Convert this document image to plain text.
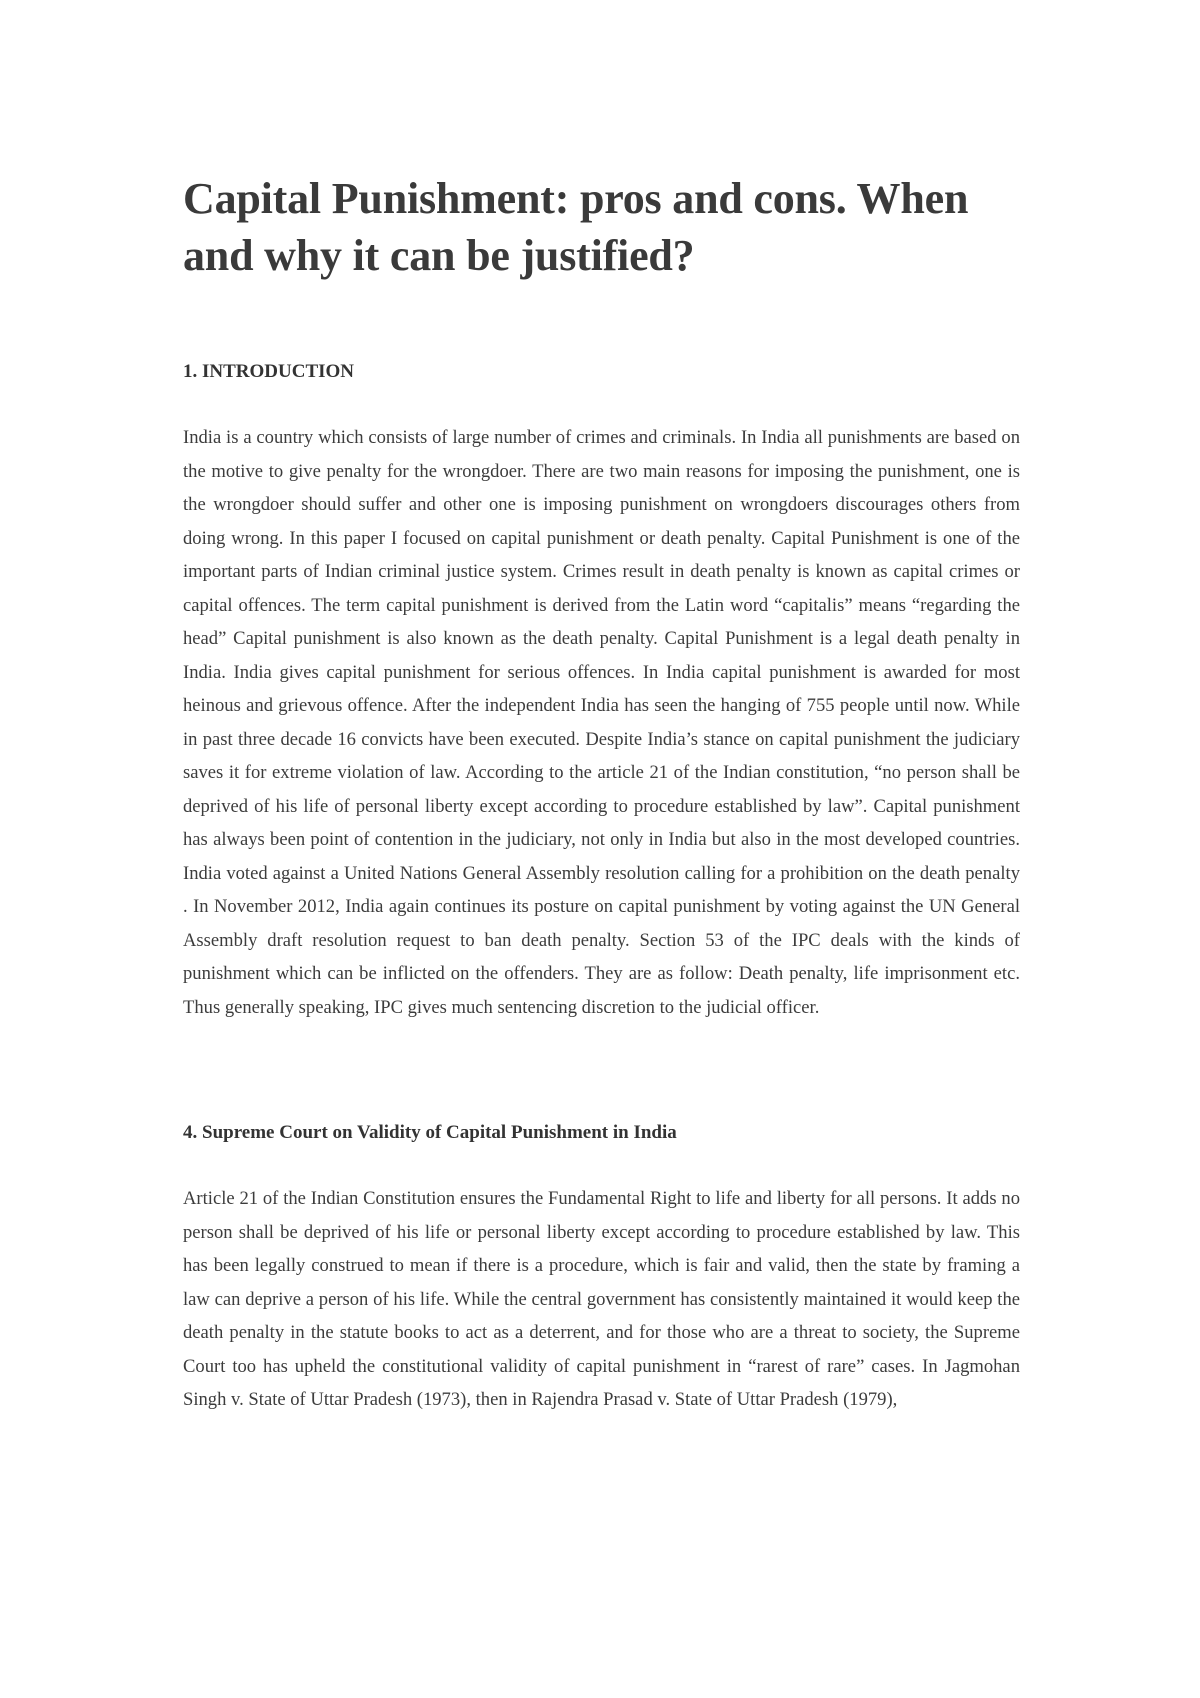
Capital Punishment: pros and cons. When and why it can be justified?
1. INTRODUCTION

India is a country which consists of large number of crimes and criminals. In India all punishments are based on the motive to give penalty for the wrongdoer. There are two main reasons for imposing the punishment, one is the wrongdoer should suffer and other one is imposing punishment on wrongdoers discourages others from doing wrong. In this paper I focused on capital punishment or death penalty. Capital Punishment is one of the important parts of Indian criminal justice system. Crimes result in death penalty is known as capital crimes or capital offences. The term capital punishment is derived from the Latin word “capitalis” means “regarding the head” Capital punishment is also known as the death penalty. Capital Punishment is a legal death penalty in India. India gives capital punishment for serious offences. In India capital punishment is awarded for most heinous and grievous offence. After the independent India has seen the hanging of 755 people until now. While in past three decade 16 convicts have been executed. Despite India’s stance on capital punishment the judiciary saves it for extreme violation of law. According to the article 21 of the Indian constitution, “no person shall be deprived of his life of personal liberty except according to procedure established by law”. Capital punishment has always been point of contention in the judiciary, not only in India but also in the most developed countries. India voted against a United Nations General Assembly resolution calling for a prohibition on the death penalty . In November 2012, India again continues its posture on capital punishment by voting against the UN General Assembly draft resolution request to ban death penalty. Section 53 of the IPC deals with the kinds of punishment which can be inflicted on the offenders. They are as follow: Death penalty, life imprisonment etc. Thus generally speaking, IPC gives much sentencing discretion to the judicial officer.

4. Supreme Court on Validity of Capital Punishment in India

Article 21 of the Indian Constitution ensures the Fundamental Right to life and liberty for all persons. It adds no person shall be deprived of his life or personal liberty except according to procedure established by law. This has been legally construed to mean if there is a procedure, which is fair and valid, then the state by framing a law can deprive a person of his life. While the central government has consistently maintained it would keep the death penalty in the statute books to act as a deterrent, and for those who are a threat to society, the Supreme Court too has upheld the constitutional validity of capital punishment in “rarest of rare” cases. In Jagmohan Singh v. State of Uttar Pradesh (1973), then in Rajendra Prasad v. State of Uttar Pradesh (1979),
